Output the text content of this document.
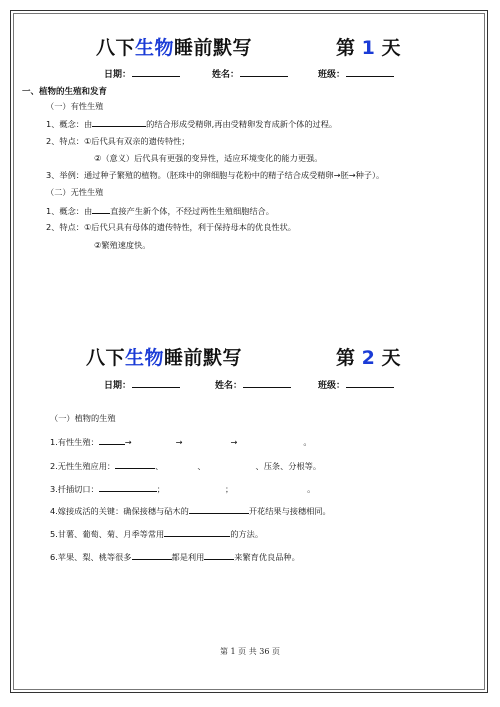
八下生物睡前默写	第 1 天
日期：	姓名：	班级：
一、植物的生殖和发育
（一）有性生殖
1、概念：由	的结合形成受精卵,再由受精卵发育成新个体的过程。
2、特点：①后代具有双亲的遗传特性；
②（意义）后代具有更强的变异性，适应环境变化的能力更强。
3、举例：通过种子繁殖的植物。（胚珠中的卵细胞与花粉中的精子结合成受精卵→胚→种子）。
（二）无性生殖
1、概念：由 直接产生新个体，不经过两性生殖细胞结合。
2、特点：①后代只具有母体的遗传特性，利于保持母本的优良性状。
②繁殖速度快。
八下生物睡前默写	第 2 天
日期：	姓名：	班级：
（一）植物的生殖
1.有性生殖：	→	→	→	。
2.无性生殖应用：	、	、	、压条、分根等。
3.扦插切口：	；	；	。
4.嫁接成活的关键：确保接穗与砧木的	开花结果与接穗相同。
5.甘薯、葡萄、菊、月季等常用	的方法。
6.苹果、梨、桃等很多	都是利用	来繁育优良品种。
第 1 页 共 36 页
